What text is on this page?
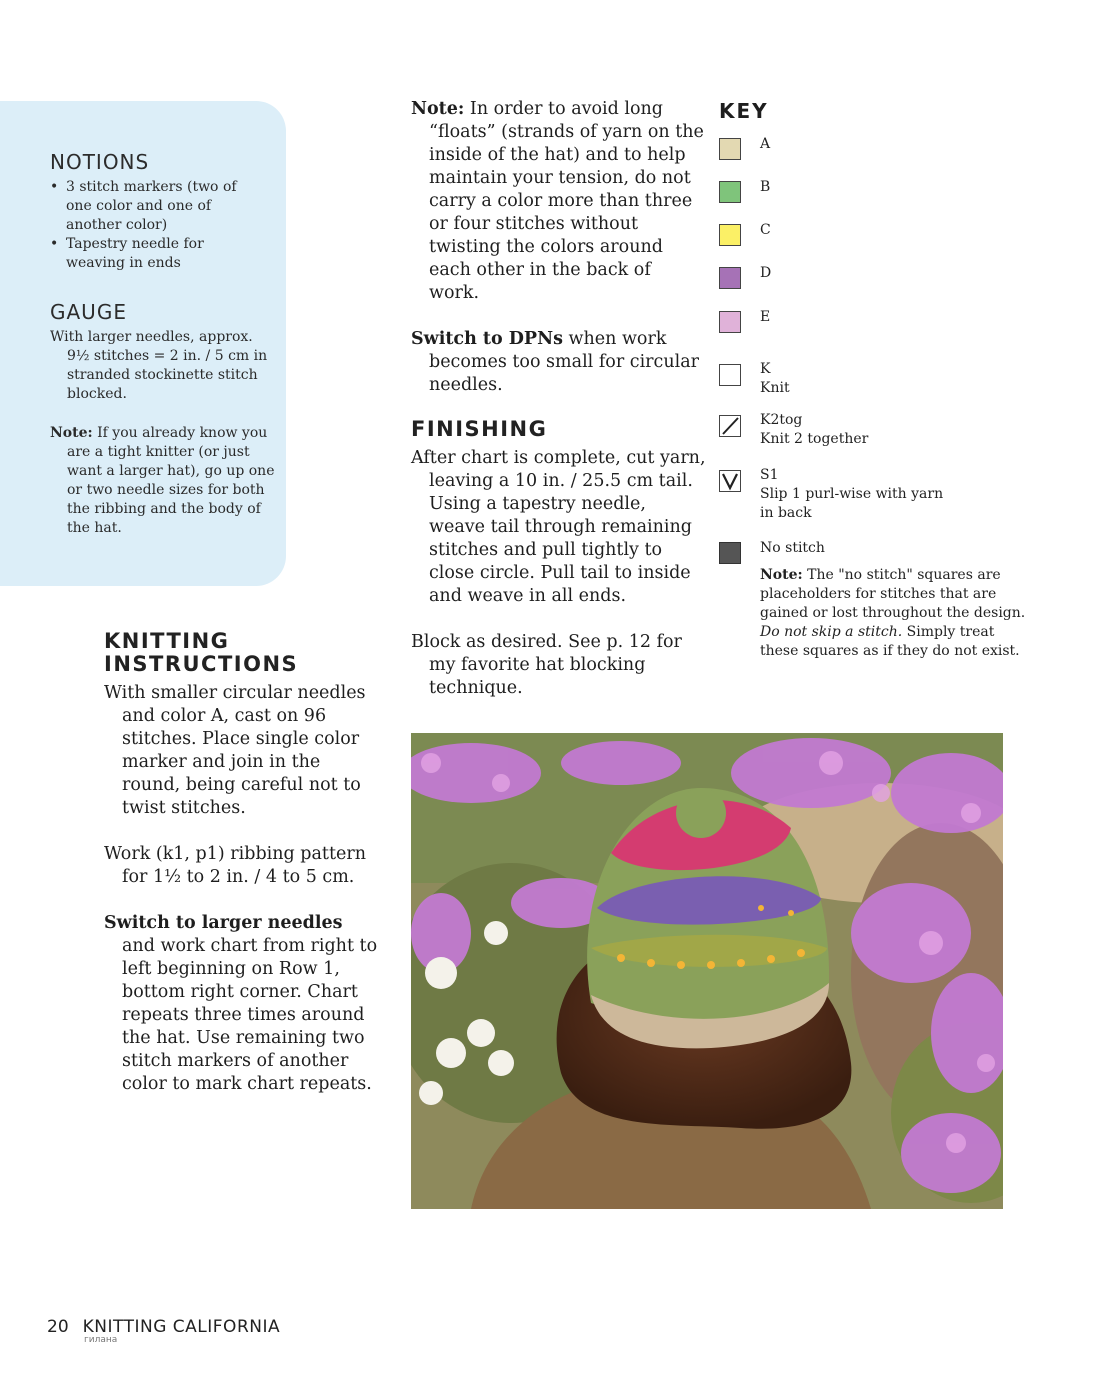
NOTIONS
• 3 stitch markers (two of one color and one of another color)
• Tapestry needle for weaving in ends
GAUGE
With larger needles, approx. 9½ stitches = 2 in. / 5 cm in stranded stockinette stitch blocked.
Note: If you already know you are a tight knitter (or just want a larger hat), go up one or two needle sizes for both the ribbing and the body of the hat.
KNITTING
INSTRUCTIONS

With smaller circular needles and color A, cast on 96 stitches. Place single color marker and join in the round, being careful not to twist stitches.

Work (k1, p1) ribbing pattern for 1½ to 2 in. / 4 to 5 cm.

Switch to larger needles and work chart from right to left beginning on Row 1, bottom right corner. Chart repeats three times around the hat. Use remaining two stitch markers of another color to mark chart repeats.

Note: In order to avoid long “floats” (strands of yarn on the inside of the hat) and to help maintain your tension, do not carry a color more than three or four stitches without twisting the colors around each other in the back of work.

Switch to DPNs when work becomes too small for circular needles.

FINISHING

After chart is complete, cut yarn, leaving a 10 in. / 25.5 cm tail. Using a tapestry needle, weave tail through remaining stitches and pull tightly to close circle. Pull tail to inside and weave in all ends.

Block as desired. See p. 12 for my favorite hat blocking technique.

KEY
A
B
C
D
E
K
Knit
K2tog
Knit 2 together
S1
Slip 1 purl-wise with yarn
in back
No stitch
Note: The "no stitch" squares are placeholders for stitches that are gained or lost throughout the design. Do not skip a stitch. Simply treat these squares as if they do not exist.
20 KNITTING CALIFORNIA
гилана
